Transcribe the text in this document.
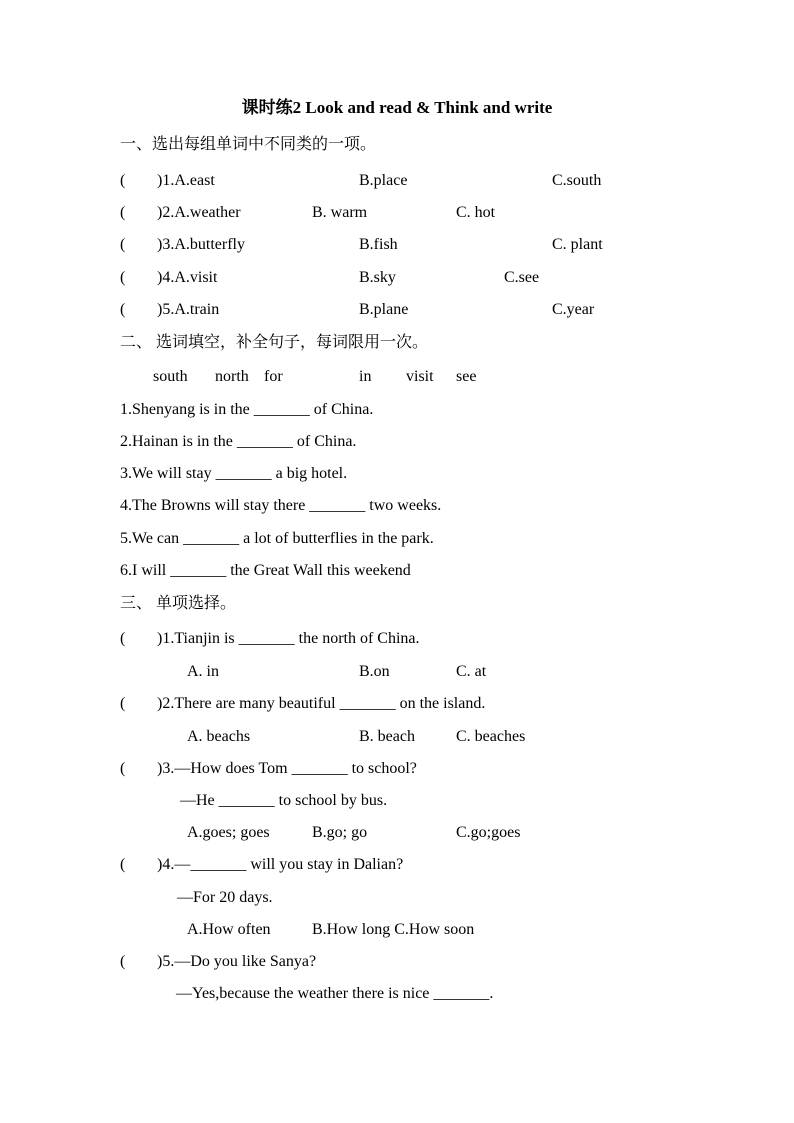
课时练2 Look and read & Think and write
一、选出每组单词中不同类的一项。
( )1.A.east	B.place	C.south
( )2.A.weather	B. warm	C. hot
( )3.A.butterfly	B.fish	C. plant
( )4.A.visit	B.sky	C.see
( )5.A.train	B.plane	C.year
二、 选词填空，补全句子，每词限用一次。
south north for	in visit see
1.Shenyang is in the _______ of China.
2.Hainan is in the _______ of China.
3.We will stay _______ a big hotel.
4.The Browns will stay there _______ two weeks.
5.We can _______ a lot of butterflies in the park.
6.I will _______ the Great Wall this weekend
三、 单项选择。
( )1.Tianjin is _______ the north of China.
A. in	B.on	C. at
( )2.There are many beautiful _______ on the island.
A. beachs	B. beach	C. beaches
( )3.—How does Tom _______ to school?
—He _______ to school by bus.
A.goes; goes	B.go; go	C.go;goes
( )4.—_______ will you stay in Dalian?
—For 20 days.
A.How often	B.How long C.How soon
( )5.—Do you like Sanya?
—Yes,because the weather there is nice _______.
